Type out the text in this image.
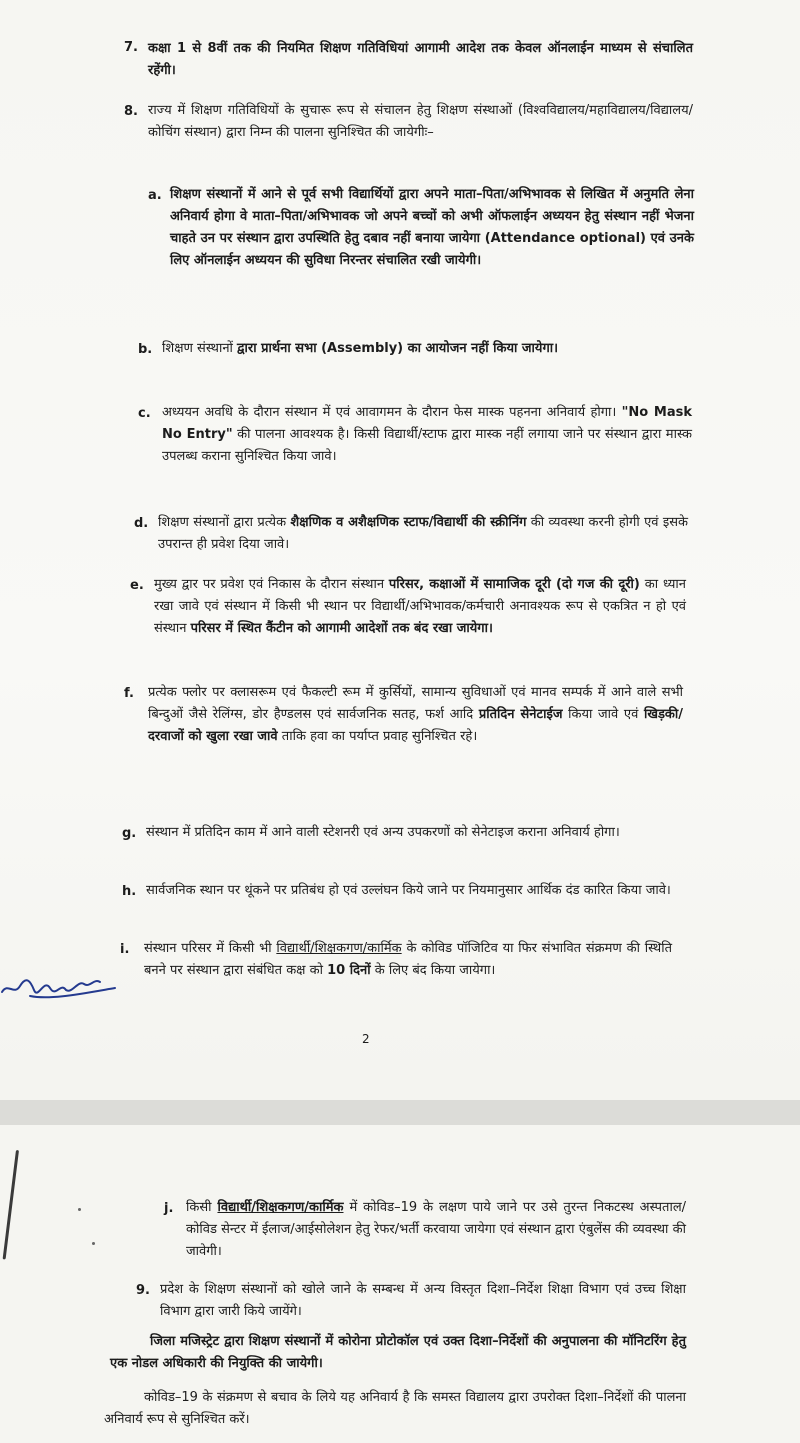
7. कक्षा 1 से 8वीं तक की नियमित शिक्षण गतिविधियां आगामी आदेश तक केवल ऑनलाईन माध्यम से संचालित रहेंगी।
8. राज्य में शिक्षण गतिविधियों के सुचारू रूप से संचालन हेतु शिक्षण संस्थाओं (विश्वविद्यालय/महाविद्यालय/विद्यालय/कोचिंग संस्थान) द्वारा निम्न की पालना सुनिश्चित की जायेगीः–
a. शिक्षण संस्थानों में आने से पूर्व सभी विद्यार्थियों द्वारा अपने माता–पिता/अभिभावक से लिखित में अनुमति लेना अनिवार्य होगा वे माता–पिता/अभिभावक जो अपने बच्चों को अभी ऑफलाईन अध्ययन हेतु संस्थान नहीं भेजना चाहते उन पर संस्थान द्वारा उपस्थिति हेतु दबाव नहीं बनाया जायेगा (Attendance optional) एवं उनके लिए ऑनलाईन अध्ययन की सुविधा निरन्तर संचालित रखी जायेगी।
b. शिक्षण संस्थानों द्वारा प्रार्थना सभा (Assembly) का आयोजन नहीं किया जायेगा।
c. अध्ययन अवधि के दौरान संस्थान में एवं आवागमन के दौरान फेस मास्क पहनना अनिवार्य होगा। "No Mask No Entry" की पालना आवश्यक है। किसी विद्यार्थी/स्टाफ द्वारा मास्क नहीं लगाया जाने पर संस्थान द्वारा मास्क उपलब्ध कराना सुनिश्चित किया जावे।
d. शिक्षण संस्थानों द्वारा प्रत्येक शैक्षणिक व अशैक्षणिक स्टाफ/विद्यार्थी की स्क्रीनिंग की व्यवस्था करनी होगी एवं इसके उपरान्त ही प्रवेश दिया जावे।
e. मुख्य द्वार पर प्रवेश एवं निकास के दौरान संस्थान परिसर, कक्षाओं में सामाजिक दूरी (दो गज की दूरी) का ध्यान रखा जावे एवं संस्थान में किसी भी स्थान पर विद्यार्थी/अभिभावक/कर्मचारी अनावश्यक रूप से एकत्रित न हो एवं संस्थान परिसर में स्थित कैंटीन को आगामी आदेशों तक बंद रखा जायेगा।
f. प्रत्येक फ्लोर पर क्लासरूम एवं फैकल्टी रूम में कुर्सियों, सामान्य सुविधाओं एवं मानव सम्पर्क में आने वाले सभी बिन्दुओं जैसे रेलिंग्स, डोर हैण्डलस एवं सार्वजनिक सतह, फर्श आदि प्रतिदिन सेनेटाईज किया जावे एवं खिड़की/दरवाजों को खुला रखा जावे ताकि हवा का पर्याप्त प्रवाह सुनिश्चित रहे।
g. संस्थान में प्रतिदिन काम में आने वाली स्टेशनरी एवं अन्य उपकरणों को सेनेटाइज कराना अनिवार्य होगा।
h. सार्वजनिक स्थान पर थूंकने पर प्रतिबंध हो एवं उल्लंघन किये जाने पर नियमानुसार आर्थिक दंड कारित किया जावे।
i. संस्थान परिसर में किसी भी विद्यार्थी/शिक्षकगण/कार्मिक के कोविड पॉजिटिव या फिर संभावित संक्रमण की स्थिति बनने पर संस्थान द्वारा संबंधित कक्ष को 10 दिनों के लिए बंद किया जायेगा।
2
j. किसी विद्यार्थी/शिक्षकगण/कार्मिक में कोविड–19 के लक्षण पाये जाने पर उसे तुरन्त निकटस्थ अस्पताल/कोविड सेन्टर में ईलाज/आईसोलेशन हेतु रेफर/भर्ती करवाया जायेगा एवं संस्थान द्वारा एंबुलेंस की व्यवस्था की जावेगी।
9. प्रदेश के शिक्षण संस्थानों को खोले जाने के सम्बन्ध में अन्य विस्तृत दिशा–निर्देश शिक्षा विभाग एवं उच्च शिक्षा विभाग द्वारा जारी किये जायेंगे।
जिला मजिस्ट्रेट द्वारा शिक्षण संस्थानों में कोरोना प्रोटोकॉल एवं उक्त दिशा–निर्देशों की अनुपालना की मॉनिटरिंग हेतु एक नोडल अधिकारी की नियुक्ति की जायेगी।
कोविड–19 के संक्रमण से बचाव के लिये यह अनिवार्य है कि समस्त विद्यालय द्वारा उपरोक्त दिशा–निर्देशों की पालना अनिवार्य रूप से सुनिश्चित करें।
